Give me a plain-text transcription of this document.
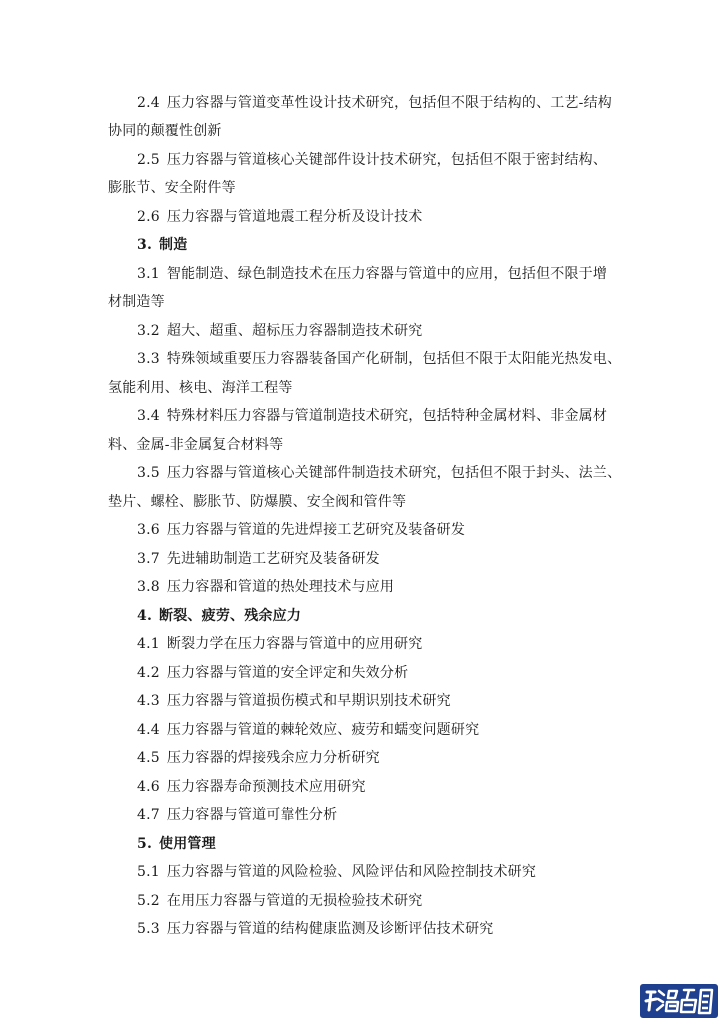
2.4 压力容器与管道变革性设计技术研究，包括但不限于结构的、工艺-结构
协同的颠覆性创新
2.5 压力容器与管道核心关键部件设计技术研究，包括但不限于密封结构、
膨胀节、安全附件等
2.6 压力容器与管道地震工程分析及设计技术
3. 制造
3.1 智能制造、绿色制造技术在压力容器与管道中的应用，包括但不限于增
材制造等
3.2 超大、超重、超标压力容器制造技术研究
3.3 特殊领域重要压力容器装备国产化研制，包括但不限于太阳能光热发电、
氢能利用、核电、海洋工程等
3.4 特殊材料压力容器与管道制造技术研究，包括特种金属材料、非金属材
料、金属-非金属复合材料等
3.5 压力容器与管道核心关键部件制造技术研究，包括但不限于封头、法兰、
垫片、螺栓、膨胀节、防爆膜、安全阀和管件等
3.6 压力容器与管道的先进焊接工艺研究及装备研发
3.7 先进辅助制造工艺研究及装备研发
3.8 压力容器和管道的热处理技术与应用
4. 断裂、疲劳、残余应力
4.1 断裂力学在压力容器与管道中的应用研究
4.2 压力容器与管道的安全评定和失效分析
4.3 压力容器与管道损伤模式和早期识别技术研究
4.4 压力容器与管道的棘轮效应、疲劳和蠕变问题研究
4.5 压力容器的焊接残余应力分析研究
4.6 压力容器寿命预测技术应用研究
4.7 压力容器与管道可靠性分析
5. 使用管理
5.1 压力容器与管道的风险检验、风险评估和风险控制技术研究
5.2 在用压力容器与管道的无损检验技术研究
5.3 压力容器与管道的结构健康监测及诊断评估技术研究
